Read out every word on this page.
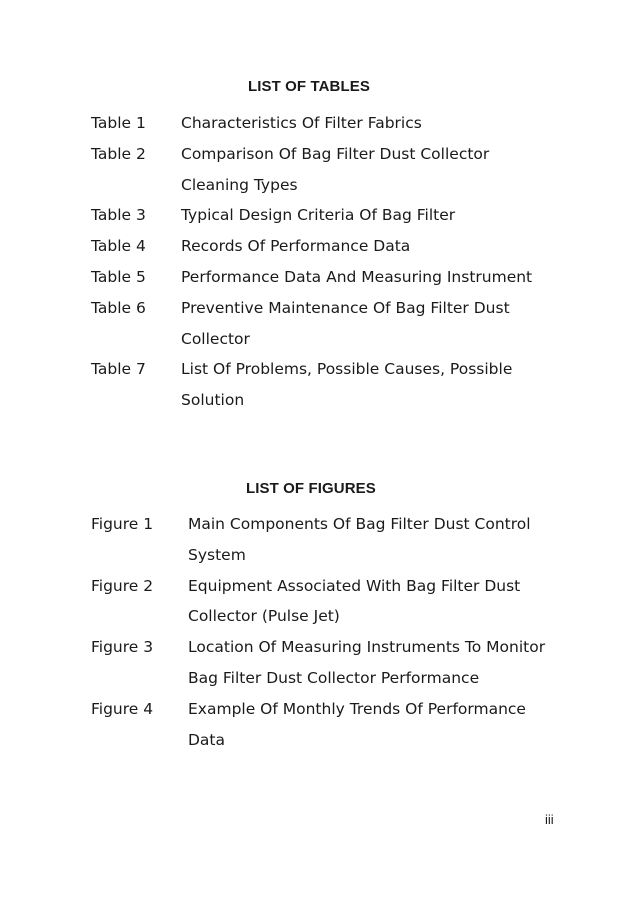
LIST OF TABLES
Table 1	Characteristics Of Filter Fabrics

Table 2	Comparison Of Bag Filter Dust Collector Cleaning Types

Table 3	Typical Design Criteria Of Bag Filter

Table 4	Records Of Performance Data

Table 5	Performance Data And Measuring Instrument

Table 6	Preventive Maintenance Of Bag Filter Dust Collector

Table 7	List Of Problems, Possible Causes, Possible Solution

LIST OF FIGURES
Figure 1	Main Components Of Bag Filter Dust Control System

Figure 2	Equipment Associated With Bag Filter Dust Collector (Pulse Jet)

Figure 3	Location Of Measuring Instruments To Monitor Bag Filter Dust Collector Performance

Figure 4	Example Of Monthly Trends Of Performance Data

iii
